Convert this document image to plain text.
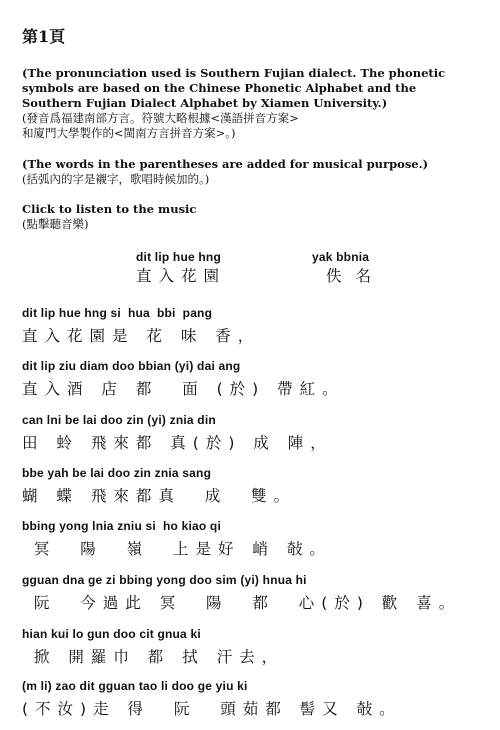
第1頁
(The pronunciation used is Southern Fujian dialect. The phonetic
symbols are based on the Chinese Phonetic Alphabet and the
Southern Fujian Dialect Alphabet by Xiamen University.)
(發音爲福建南部方言。符號大略根據<漢語拼音方案>
和廈門大學製作的<閩南方言拼音方案>。)
(The words in the parentheses are added for musical purpose.)
(括弧內的字是襯字，歌唱時候加的。)
Click to listen to the music
(點擊聽音樂)
dit lip hue hng
直入花園
yak bbnia
佚名
dit lip hue hng si  hua  bbi  pang
直入花園是 花 味 香，
dit lip ziu diam doo bbian (yi) dai ang
直入酒 店 都  面 (於) 帶紅。
can lni be lai doo zin (yi) znia din
田 蛉 飛來都 真(於) 成 陣，
bbe yah be lai doo zin znia sang
蝴 蝶 飛來都真  成  雙。
bbing yong lnia zniu si  ho kiao qi
冥  陽  嶺  上是好 峭 敧。
gguan dna ge zi bbing yong doo sim (yi) hnua hi
阮  今過此 冥  陽  都  心(於) 歡 喜。
hian kui lo gun doo cit gnua ki
掀 開羅巾 都 拭 汗去，
(m li) zao dit gguan tao li doo ge yiu ki
(不汝)走 得  阮  頭茹都 髻又 敧。
